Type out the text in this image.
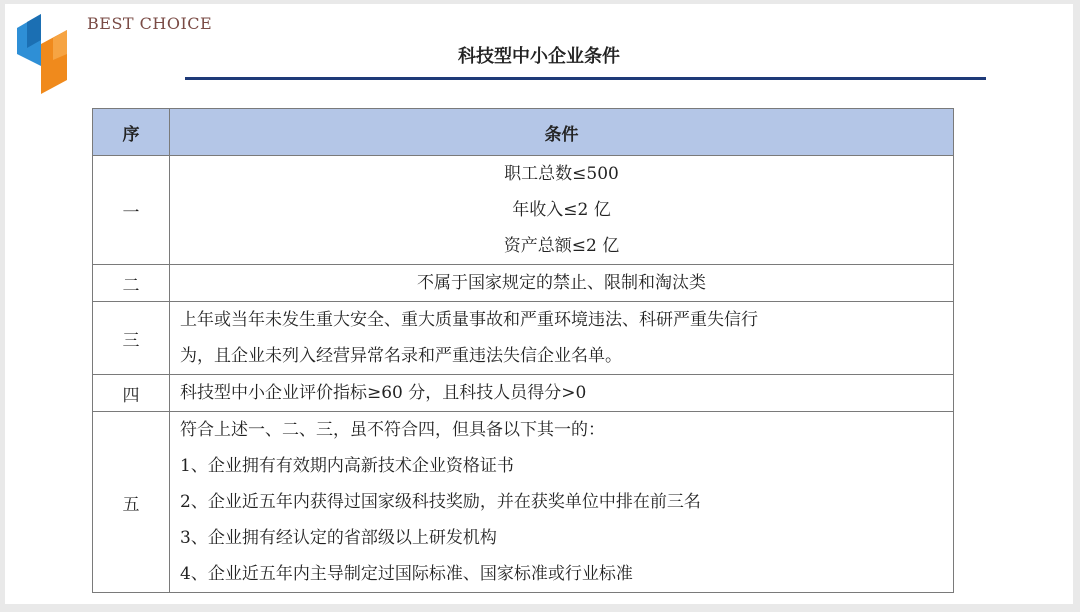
BEST CHOICE
科技型中小企业条件
序	条件
一	职工总数≤500
年收入≤2 亿
资产总额≤2 亿

二	不属于国家规定的禁止、限制和淘汰类

三	上年或当年未发生重大安全、重大质量事故和严重环境违法、科研严重失信行
为，且企业未列入经营异常名录和严重违法失信企业名单。

四	科技型中小企业评价指标≥60 分，且科技人员得分>0

五	符合上述一、二、三，虽不符合四，但具备以下其一的：
1、企业拥有有效期内高新技术企业资格证书
2、企业近五年内获得过国家级科技奖励，并在获奖单位中排在前三名
3、企业拥有经认定的省部级以上研发机构
4、企业近五年内主导制定过国际标准、国家标准或行业标准
